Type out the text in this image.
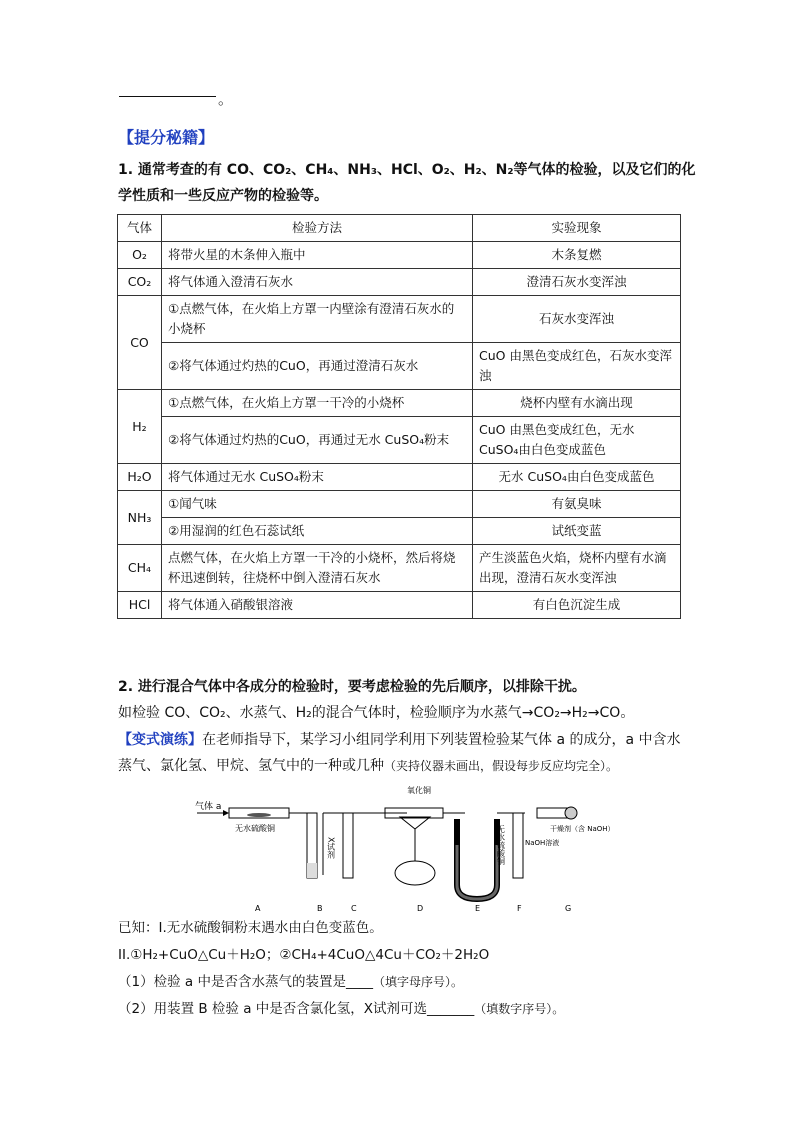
。
【提分秘籍】
1. 通常考查的有 CO、CO₂、CH₄、NH₃、HCl、O₂、H₂、N₂等气体的检验，以及它们的化
学性质和一些反应产物的检验等。
气体	检验方法	实验现象
O₂	将带火星的木条伸入瓶中	木条复燃
CO₂	将气体通入澄清石灰水	澄清石灰水变浑浊
CO	①点燃气体，在火焰上方罩一内壁涂有澄清石灰水的小烧杯	石灰水变浑浊
	②将气体通过灼热的CuO，再通过澄清石灰水	CuO 由黑色变成红色，石灰水变浑浊
H₂	①点燃气体，在火焰上方罩一干冷的小烧杯	烧杯内壁有水滴出现
	②将气体通过灼热的CuO，再通过无水 CuSO₄粉末	CuO 由黑色变成红色，无水 CuSO₄由白色变成蓝色
H₂O	将气体通过无水 CuSO₄粉末	无水 CuSO₄由白色变成蓝色
NH₃	①闻气味	有氨臭味
	②用湿润的红色石蕊试纸	试纸变蓝
CH₄	点燃气体，在火焰上方罩一干冷的小烧杯，然后将烧杯迅速倒转，往烧杯中倒入澄清石灰水	产生淡蓝色火焰，烧杯内壁有水滴出现，澄清石灰水变浑浊
HCl	将气体通入硝酸银溶液	有白色沉淀生成
2. 进行混合气体中各成分的检验时，要考虑检验的先后顺序，以排除干扰。
如检验 CO、CO₂、水蒸气、H₂的混合气体时，检验顺序为水蒸气→CO₂→H₂→CO。
【变式演练】在老师指导下，某学习小组同学利用下列装置检验某气体 a 的成分，a 中含水
蒸气、氯化氢、甲烷、氢气中的一种或几种（夹持仪器未画出，假设每步反应均完全）。
气体 a
无水硫酸铜
X试剂
氧化铜
无水硫酸铜	NaOH溶液
干燥剂（含 NaOH）
A	B	C	D	E	F	G
已知：I.无水硫酸铜粉末遇水由白色变蓝色。
II.①H₂+CuO△Cu＋H₂O；②CH₄+4CuO△4Cu＋CO₂＋2H₂O
（1）检验 a 中是否含水蒸气的装置是____（填字母序号）。
（2）用装置 B 检验 a 中是否含氯化氢，X试剂可选_______（填数字序号）。
